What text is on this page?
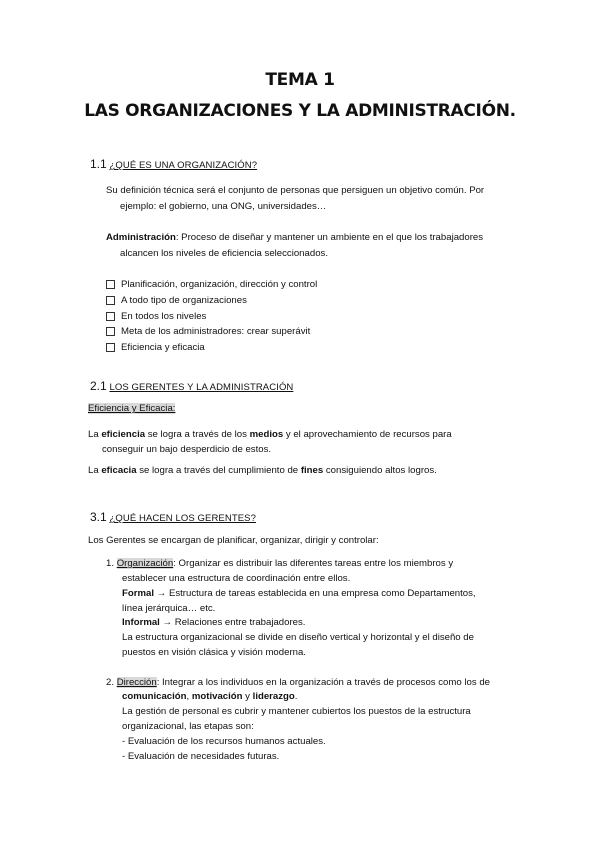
TEMA 1
LAS ORGANIZACIONES Y LA ADMINISTRACIÓN.
1.1 ¿QUÉ ES UNA ORGANIZACIÓN?
Su definición técnica será el conjunto de personas que persiguen un objetivo común. Por
ejemplo: el gobierno, una ONG, universidades…
Administración: Proceso de diseñar y mantener un ambiente en el que los trabajadores
alcancen los niveles de eficiencia seleccionados.
Planificación, organización, dirección y control
A todo tipo de organizaciones
En todos los niveles
Meta de los administradores: crear superávit
Eficiencia y eficacia
2.1 LOS GERENTES Y LA ADMINISTRACIÓN
Eficiencia y Eficacia:
La eficiencia se logra a través de los medios y el aprovechamiento de recursos para
conseguir un bajo desperdicio de estos.
La eficacia se logra a través del cumplimiento de fines consiguiendo altos logros.
3.1 ¿QUÉ HACEN LOS GERENTES?
Los Gerentes se encargan de planificar, organizar, dirigir y controlar:
1. Organización: Organizar es distribuir las diferentes tareas entre los miembros y
establecer una estructura de coordinación entre ellos.
Formal → Estructura de tareas establecida en una empresa como Departamentos,
línea jerárquica… etc.
Informal → Relaciones entre trabajadores.
La estructura organizacional se divide en diseño vertical y horizontal y el diseño de
puestos en visión clásica y visión moderna.
2. Dirección: Integrar a los individuos en la organización a través de procesos como los de
comunicación, motivación y liderazgo.
La gestión de personal es cubrir y mantener cubiertos los puestos de la estructura
organizacional, las etapas son:
- Evaluación de los recursos humanos actuales.
- Evaluación de necesidades futuras.
